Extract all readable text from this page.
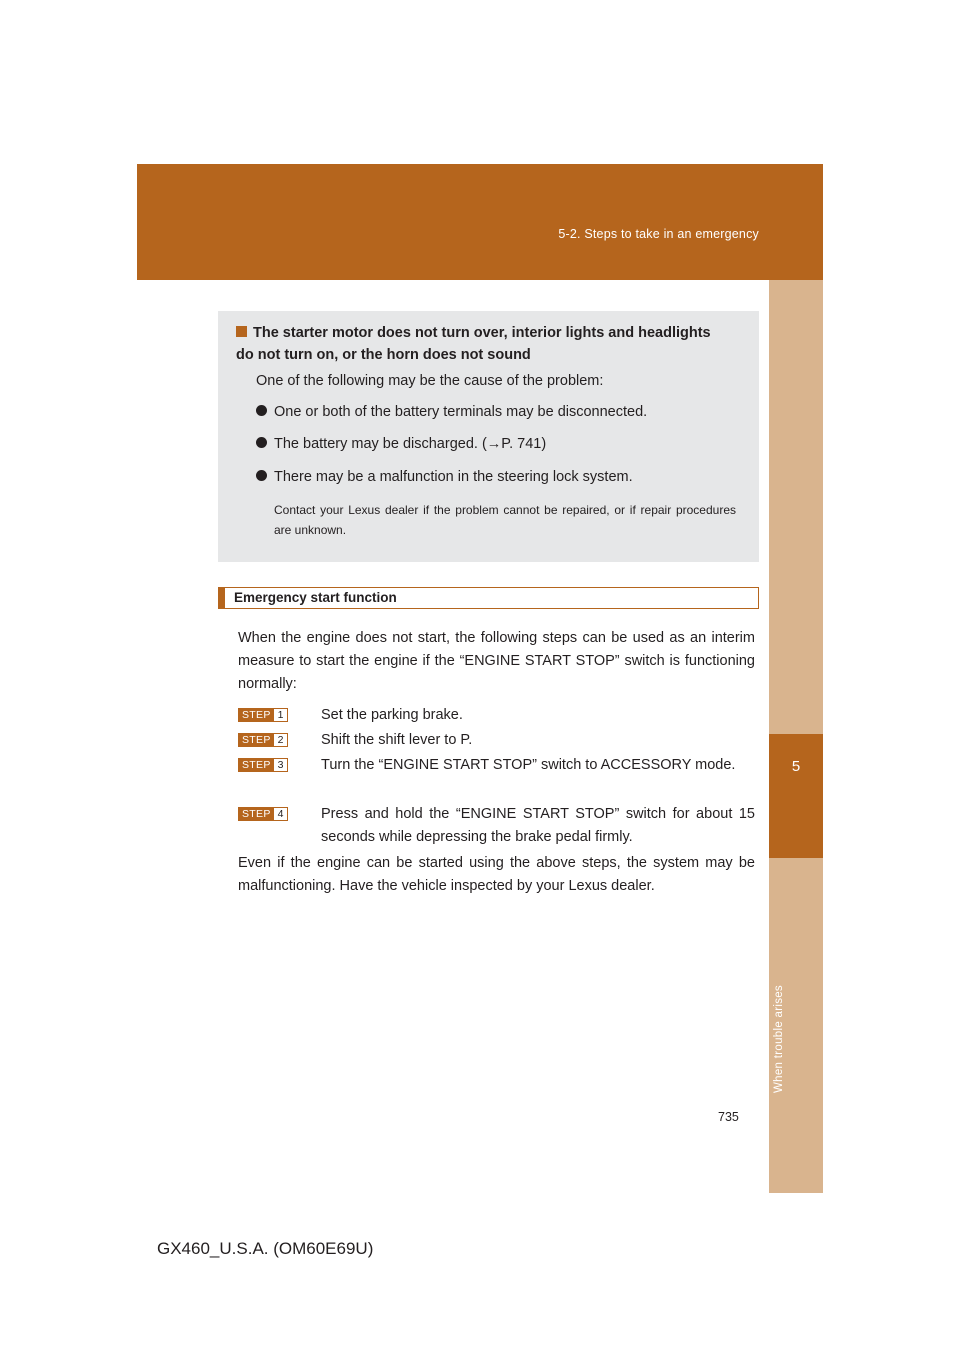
5-2. Steps to take in an emergency
5
When trouble arises
The starter motor does not turn over, interior lights and headlights
do not turn on, or the horn does not sound
One of the following may be the cause of the problem:
One or both of the battery terminals may be disconnected.
The battery may be discharged. (→P. 741)
There may be a malfunction in the steering lock system.
Contact your Lexus dealer if the problem cannot be repaired, or if repair procedures are unknown.
Emergency start function
When the engine does not start, the following steps can be used as an interim measure to start the engine if the “ENGINE START STOP” switch is functioning normally:
STEP 1	Set the parking brake.
STEP 2	Shift the shift lever to P.
STEP 3	Turn the “ENGINE START STOP” switch to ACCESSORY mode.
STEP 4	Press and hold the “ENGINE START STOP” switch for about 15 seconds while depressing the brake pedal firmly.
Even if the engine can be started using the above steps, the system may be malfunctioning. Have the vehicle inspected by your Lexus dealer.
735
GX460_U.S.A. (OM60E69U)
